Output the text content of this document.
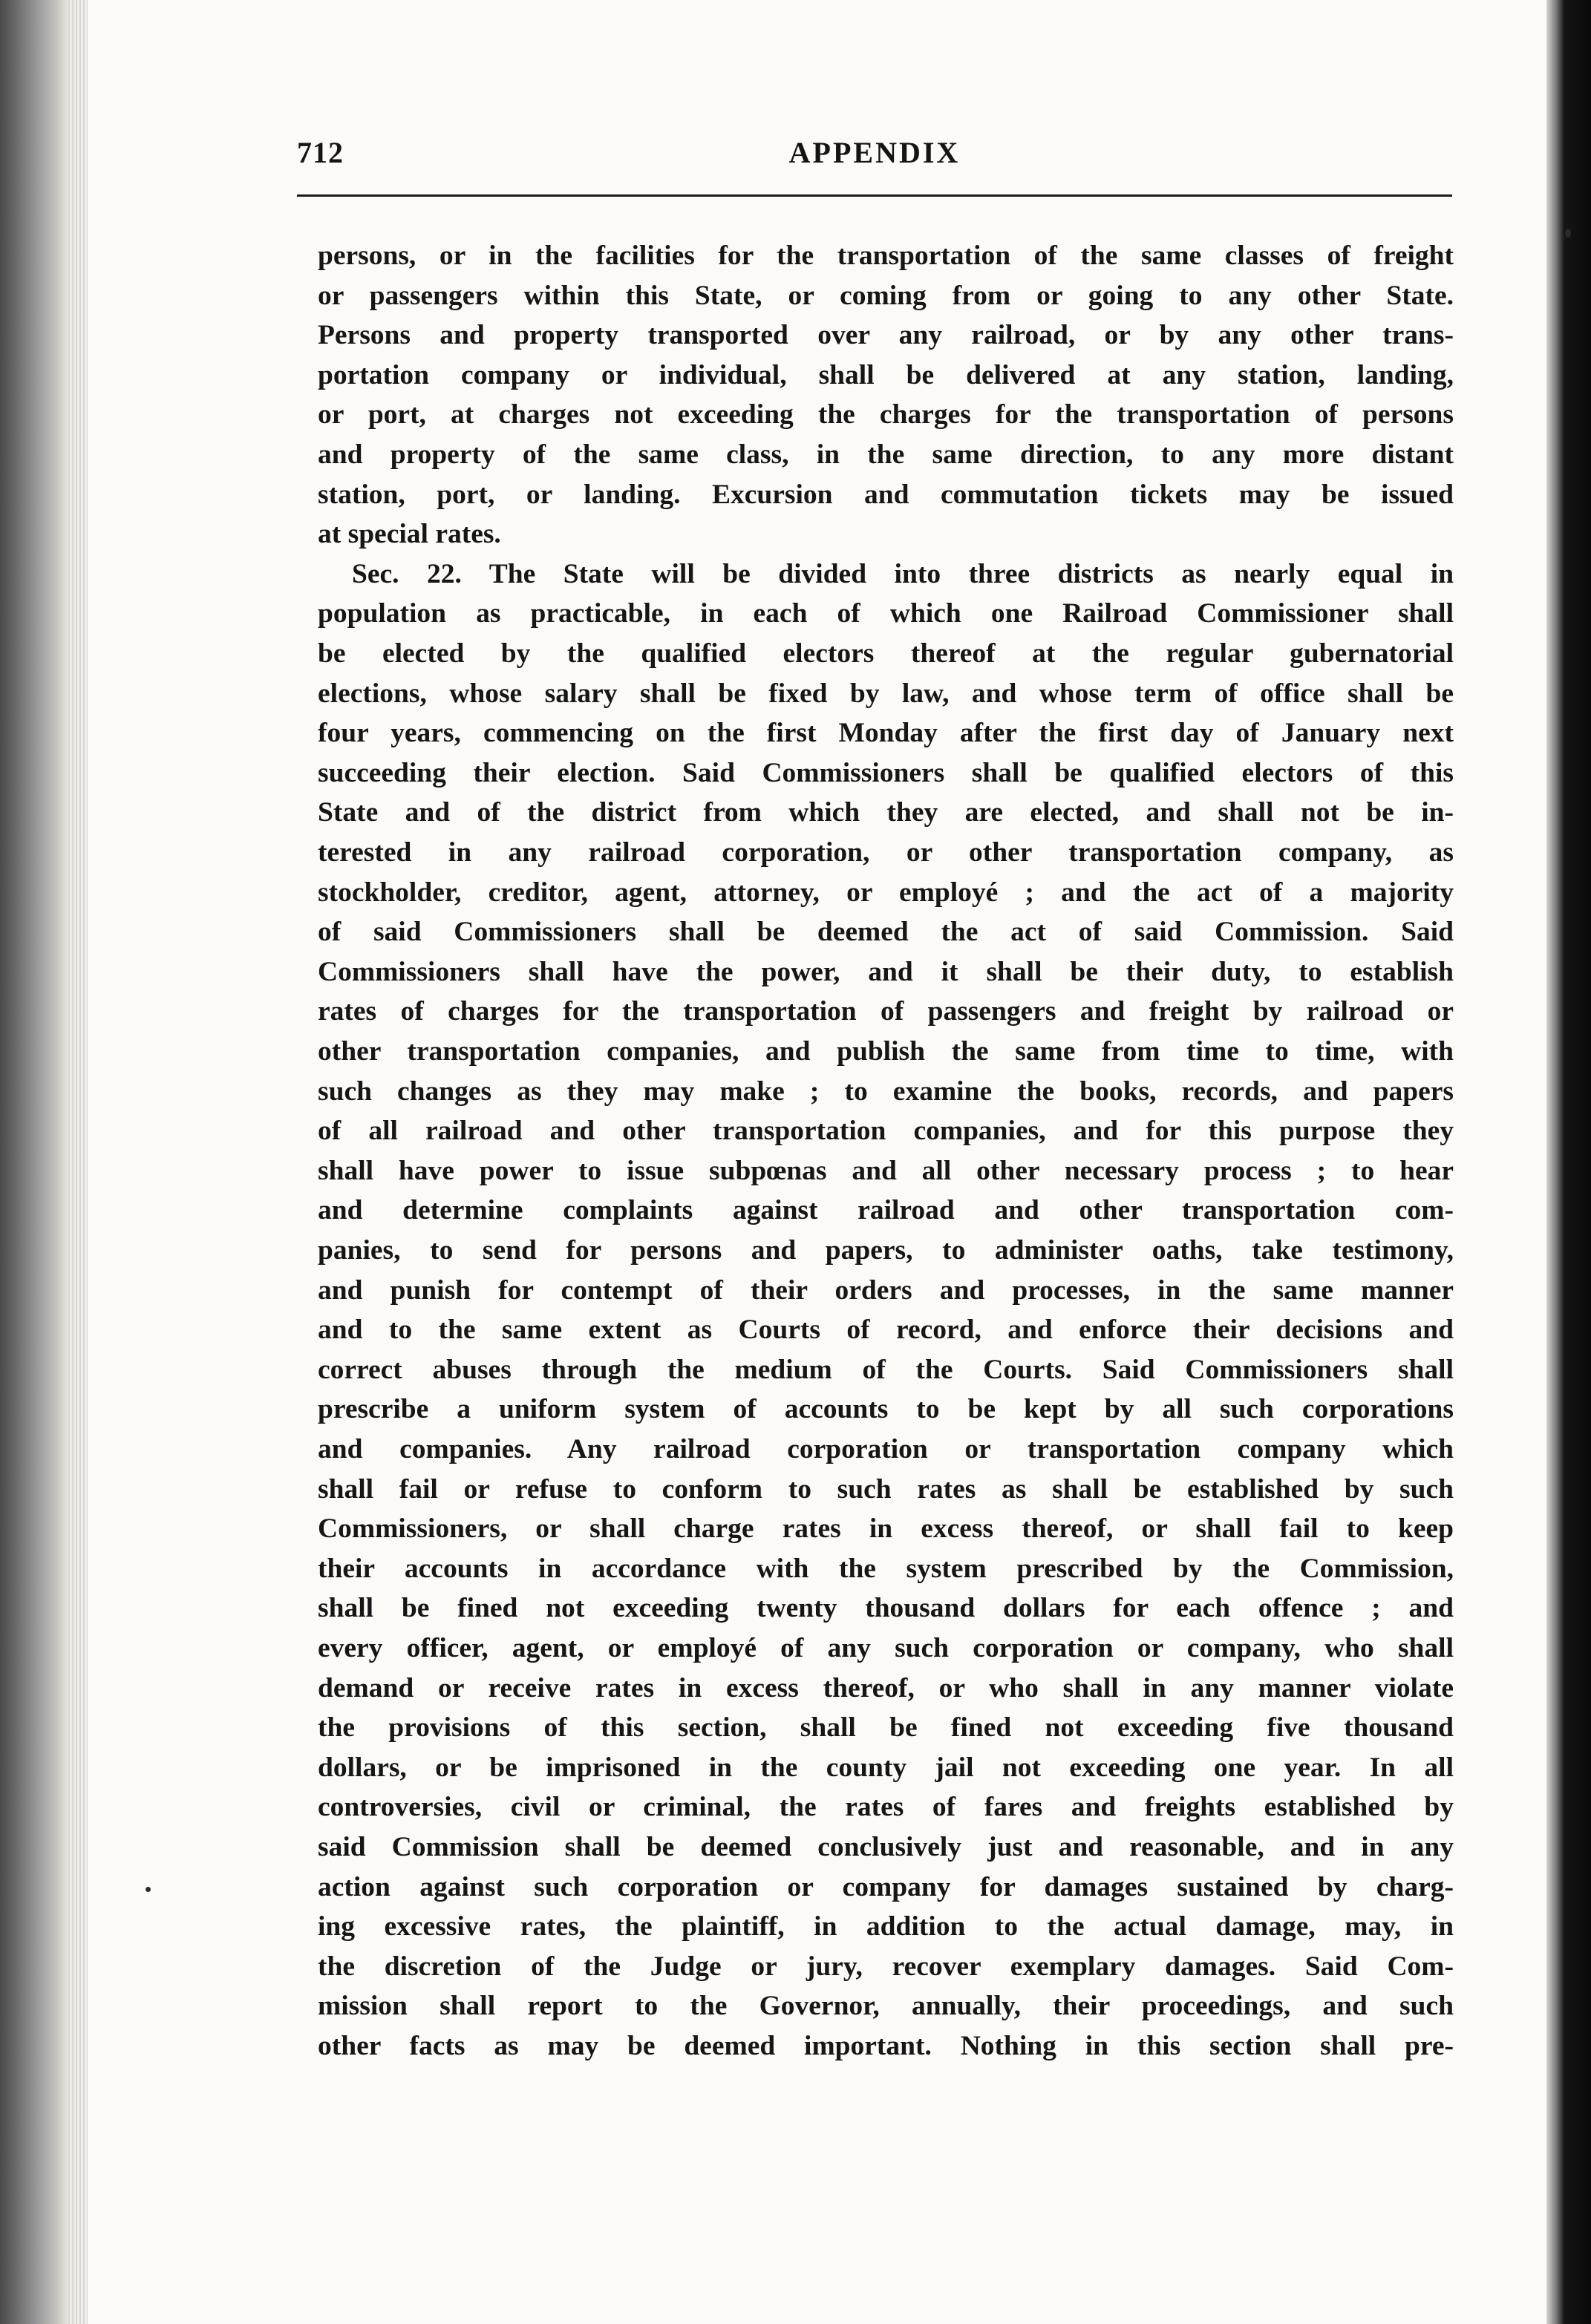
712	APPENDIX
persons, or in the facilities for the transportation of the same classes of freight
or passengers within this State, or coming from or going to any other State.
Persons and property transported over any railroad, or by any other trans-
portation company or individual, shall be delivered at any station, landing,
or port, at charges not exceeding the charges for the transportation of persons
and property of the same class, in the same direction, to any more distant
station, port, or landing. Excursion and commutation tickets may be issued
at special rates.
Sec. 22. The State will be divided into three districts as nearly equal in
population as practicable, in each of which one Railroad Commissioner shall
be elected by the qualified electors thereof at the regular gubernatorial
elections, whose salary shall be fixed by law, and whose term of office shall be
four years, commencing on the first Monday after the first day of January next
succeeding their election. Said Commissioners shall be qualified electors of this
State and of the district from which they are elected, and shall not be in-
terested in any railroad corporation, or other transportation company, as
stockholder, creditor, agent, attorney, or employé ; and the act of a majority
of said Commissioners shall be deemed the act of said Commission. Said
Commissioners shall have the power, and it shall be their duty, to establish
rates of charges for the transportation of passengers and freight by railroad or
other transportation companies, and publish the same from time to time, with
such changes as they may make ; to examine the books, records, and papers
of all railroad and other transportation companies, and for this purpose they
shall have power to issue subpœnas and all other necessary process ; to hear
and determine complaints against railroad and other transportation com-
panies, to send for persons and papers, to administer oaths, take testimony,
and punish for contempt of their orders and processes, in the same manner
and to the same extent as Courts of record, and enforce their decisions and
correct abuses through the medium of the Courts. Said Commissioners shall
prescribe a uniform system of accounts to be kept by all such corporations
and companies. Any railroad corporation or transportation company which
shall fail or refuse to conform to such rates as shall be established by such
Commissioners, or shall charge rates in excess thereof, or shall fail to keep
their accounts in accordance with the system prescribed by the Commission,
shall be fined not exceeding twenty thousand dollars for each offence ; and
every officer, agent, or employé of any such corporation or company, who shall
demand or receive rates in excess thereof, or who shall in any manner violate
the provisions of this section, shall be fined not exceeding five thousand
dollars, or be imprisoned in the county jail not exceeding one year. In all
controversies, civil or criminal, the rates of fares and freights established by
said Commission shall be deemed conclusively just and reasonable, and in any
action against such corporation or company for damages sustained by charg-
ing excessive rates, the plaintiff, in addition to the actual damage, may, in
the discretion of the Judge or jury, recover exemplary damages. Said Com-
mission shall report to the Governor, annually, their proceedings, and such
other facts as may be deemed important. Nothing in this section shall pre-
